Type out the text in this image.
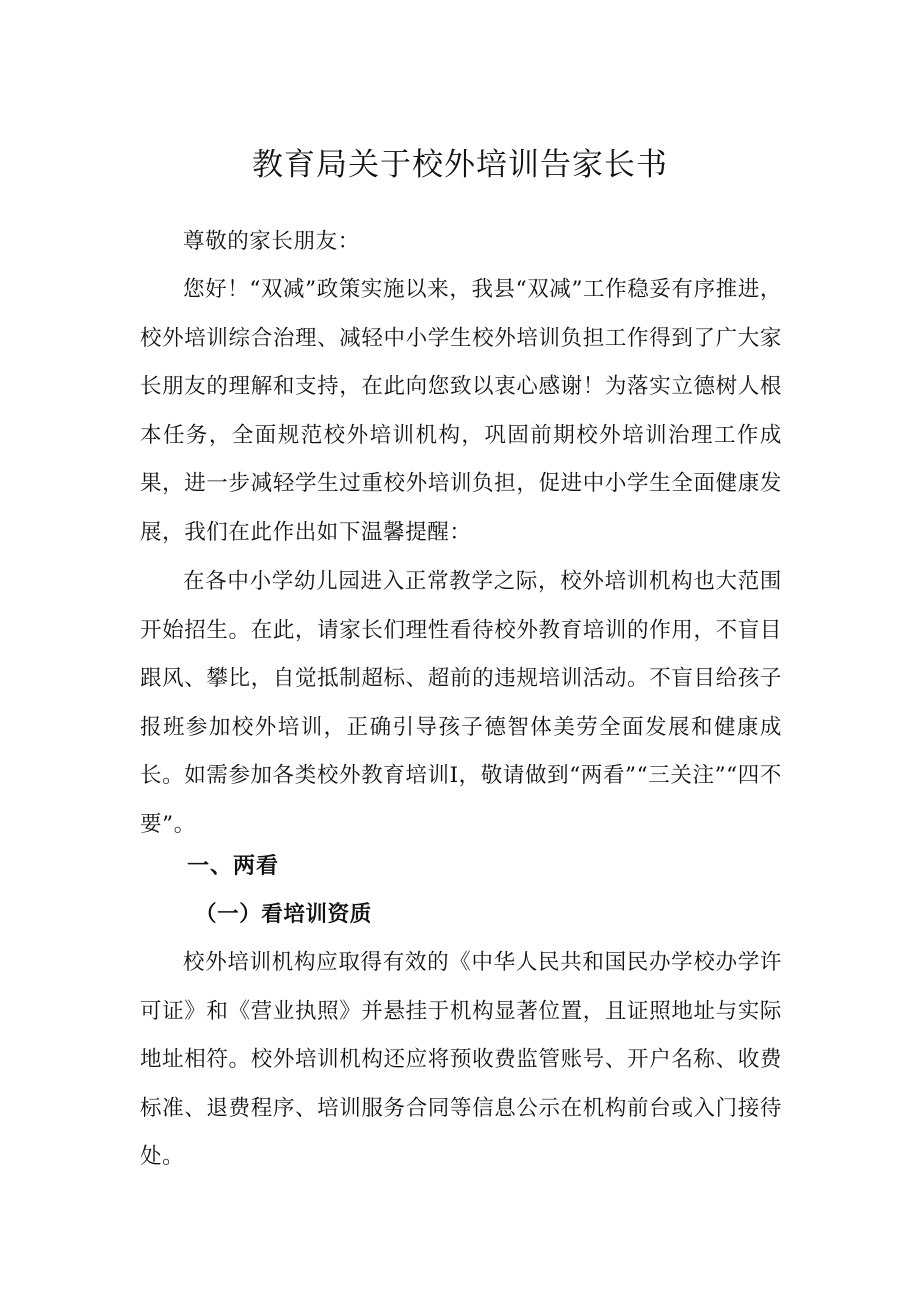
教育局关于校外培训告家长书

尊敬的家长朋友：

您好！“双减”政策实施以来，我县“双减”工作稳妥有序推进，校外培训综合治理、减轻中小学生校外培训负担工作得到了广大家长朋友的理解和支持，在此向您致以衷心感谢！为落实立德树人根本任务，全面规范校外培训机构，巩固前期校外培训治理工作成果，进一步减轻学生过重校外培训负担，促进中小学生全面健康发展，我们在此作出如下温馨提醒：

在各中小学幼儿园进入正常教学之际，校外培训机构也大范围开始招生。在此，请家长们理性看待校外教育培训的作用，不盲目跟风、攀比，自觉抵制超标、超前的违规培训活动。不盲目给孩子报班参加校外培训，正确引导孩子德智体美劳全面发展和健康成长。如需参加各类校外教育培训I，敬请做到“两看”“三关注”“四不要”。

一、两看
（一）看培训资质

校外培训机构应取得有效的《中华人民共和国民办学校办学许可证》和《营业执照》并悬挂于机构显著位置，且证照地址与实际地址相符。校外培训机构还应将预收费监管账号、开户名称、收费标准、退费程序、培训服务合同等信息公示在机构前台或入门接待处。
